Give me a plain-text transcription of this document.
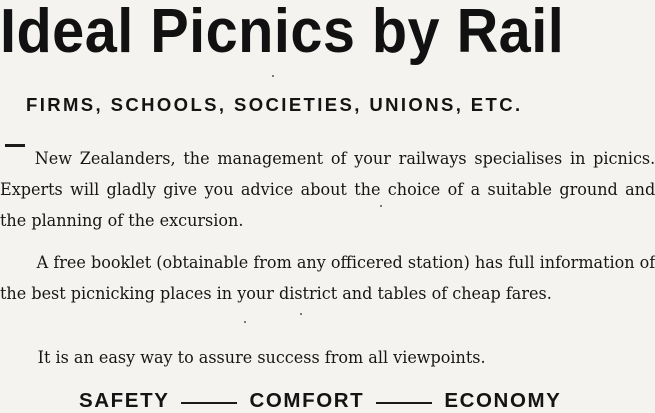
Ideal Picnics by Rail
FIRMS, SCHOOLS, SOCIETIES, UNIONS, ETC.

New Zealanders, the management of your railways specialises in picnics. Experts will gladly give you advice about the choice of a suitable ground and the planning of the excursion.

A free booklet (obtainable from any officered station) has full information of the best picnicking places in your district and tables of cheap fares.

It is an easy way to assure success from all viewpoints.

SAFETY	COMFORT	ECONOMY
